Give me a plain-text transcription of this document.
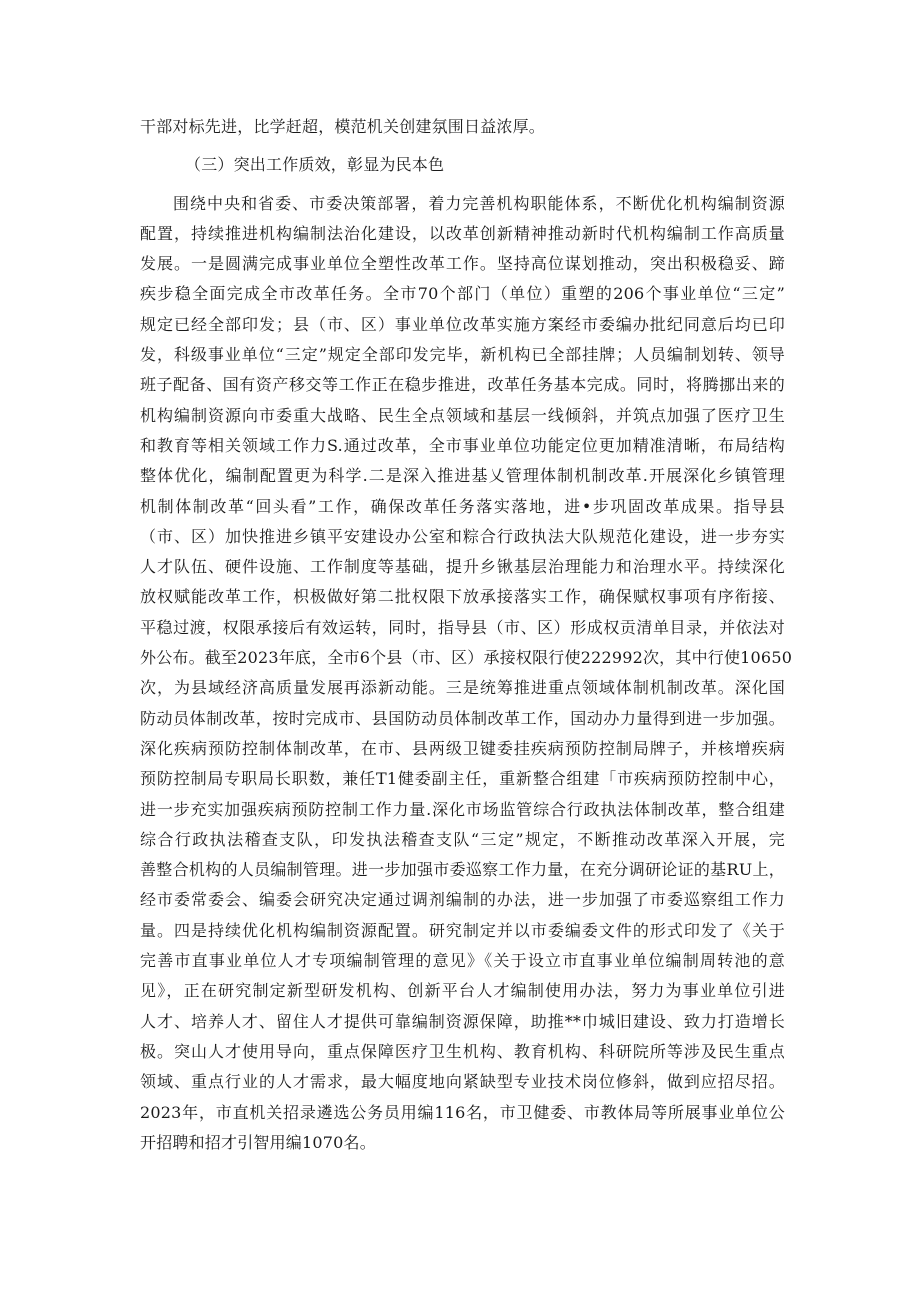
干部对标先进，比学赶超，模范机关创建氛围日益浓厚。
（三）突出工作质效，彰显为民本色
围绕中央和省委、市委决策部署，着力完善机构职能体系，不断优化机构编制资源
配置，持续推进机构编制法治化建设，以改革创新精神推动新时代机构编制工作高质量
发展。一是圆满完成事业单位全塑性改革工作。坚持高位谋划推动，突出积极稳妥、蹄
疾步稳全面完成全市改革任务。全市70个部门（单位）重塑的206个事业单位“三定”
规定已经全部印发；县（市、区）事业单位改革实施方案经市委编办批纪同意后均已印
发，科级事业单位“三定”规定全部印发完毕，新机构已全部挂牌；人员编制划转、领导
班子配备、国有资产移交等工作正在稳步推进，改革任务基本完成。同时，将腾挪出来的
机构编制资源向市委重大战略、民生全点领域和基层一线倾斜，并筑点加强了医疗卫生
和教育等相关领域工作力S.通过改革，全市事业单位功能定位更加精准清晰，布局结构
整体优化，编制配置更为科学.二是深入推进基乂管理体制机制改革.开展深化乡镇管理
机制体制改革“回头看”工作，确保改革任务落实落地，进•步巩固改革成果。指导县
（市、区）加快推进乡镇平安建设办公室和粽合行政执法大队规范化建设，进一步夯实
人才队伍、硬件设施、工作制度等基础，提升乡锹基层治理能力和治理水平。持续深化
放权赋能改革工作，枳极做好第二批权限下放承接落实工作，确保赋权事项有序衔接、
平稳过渡，权限承接后有效运转，同时，指导县（市、区）形成权贡清单目录，并依法对
外公布。截至2023年底，全市6个县（市、区）承接权限行使222992次，其中行使10650
次，为县域经济高质量发展再添新动能。三是统筹推进重点领域体制机制改革。深化国
防动员体制改革，按时完成市、县国防动员体制改革工作，国动办力量得到进一步加强。
深化疾病预防控制体制改革，在市、县两级卫键委挂疾病预防控制局牌子，并核增疾病
预防控制局专职局长职数，兼任T1健委副主任，重新整合组建「市疾病预防控制中心，
进一步充实加强疾病预防控制工作力量.深化市场监管综合行政执法体制改革，整合组建
综合行政执法稽查支队，印发执法稽查支队“三定”规定，不断推动改革深入开展，完
善整合机构的人员编制管理。进一步加强市委巡察工作力量，在充分调研论证的基RU上，
经市委常委会、编委会研究决定通过调剂编制的办法，进一步加强了市委巡察组工作力
量。四是持续优化机构编制资源配置。研究制定并以市委编委文件的形式印发了《关于
完善市直事业单位人才专项编制管理的意见》《关于设立市直事业单位编制周转池的意
见》，正在研究制定新型研发机构、创新平台人才编制使用办法，努力为事业单位引进
人才、培养人才、留住人才提供可靠编制资源保障，助推**巾城旧建设、致力打造增长
极。突山人才使用导向，重点保障医疗卫生机构、教育机构、科研院所等涉及民生重点
领域、重点行业的人才需求，最大幅度地向紧缺型专业技术岗位修斜，做到应招尽招。
2023年，市直机关招录遴选公务员用编116名，市卫健委、市教体局等所展事业单位公
开招聘和招才引智用编1070名。
